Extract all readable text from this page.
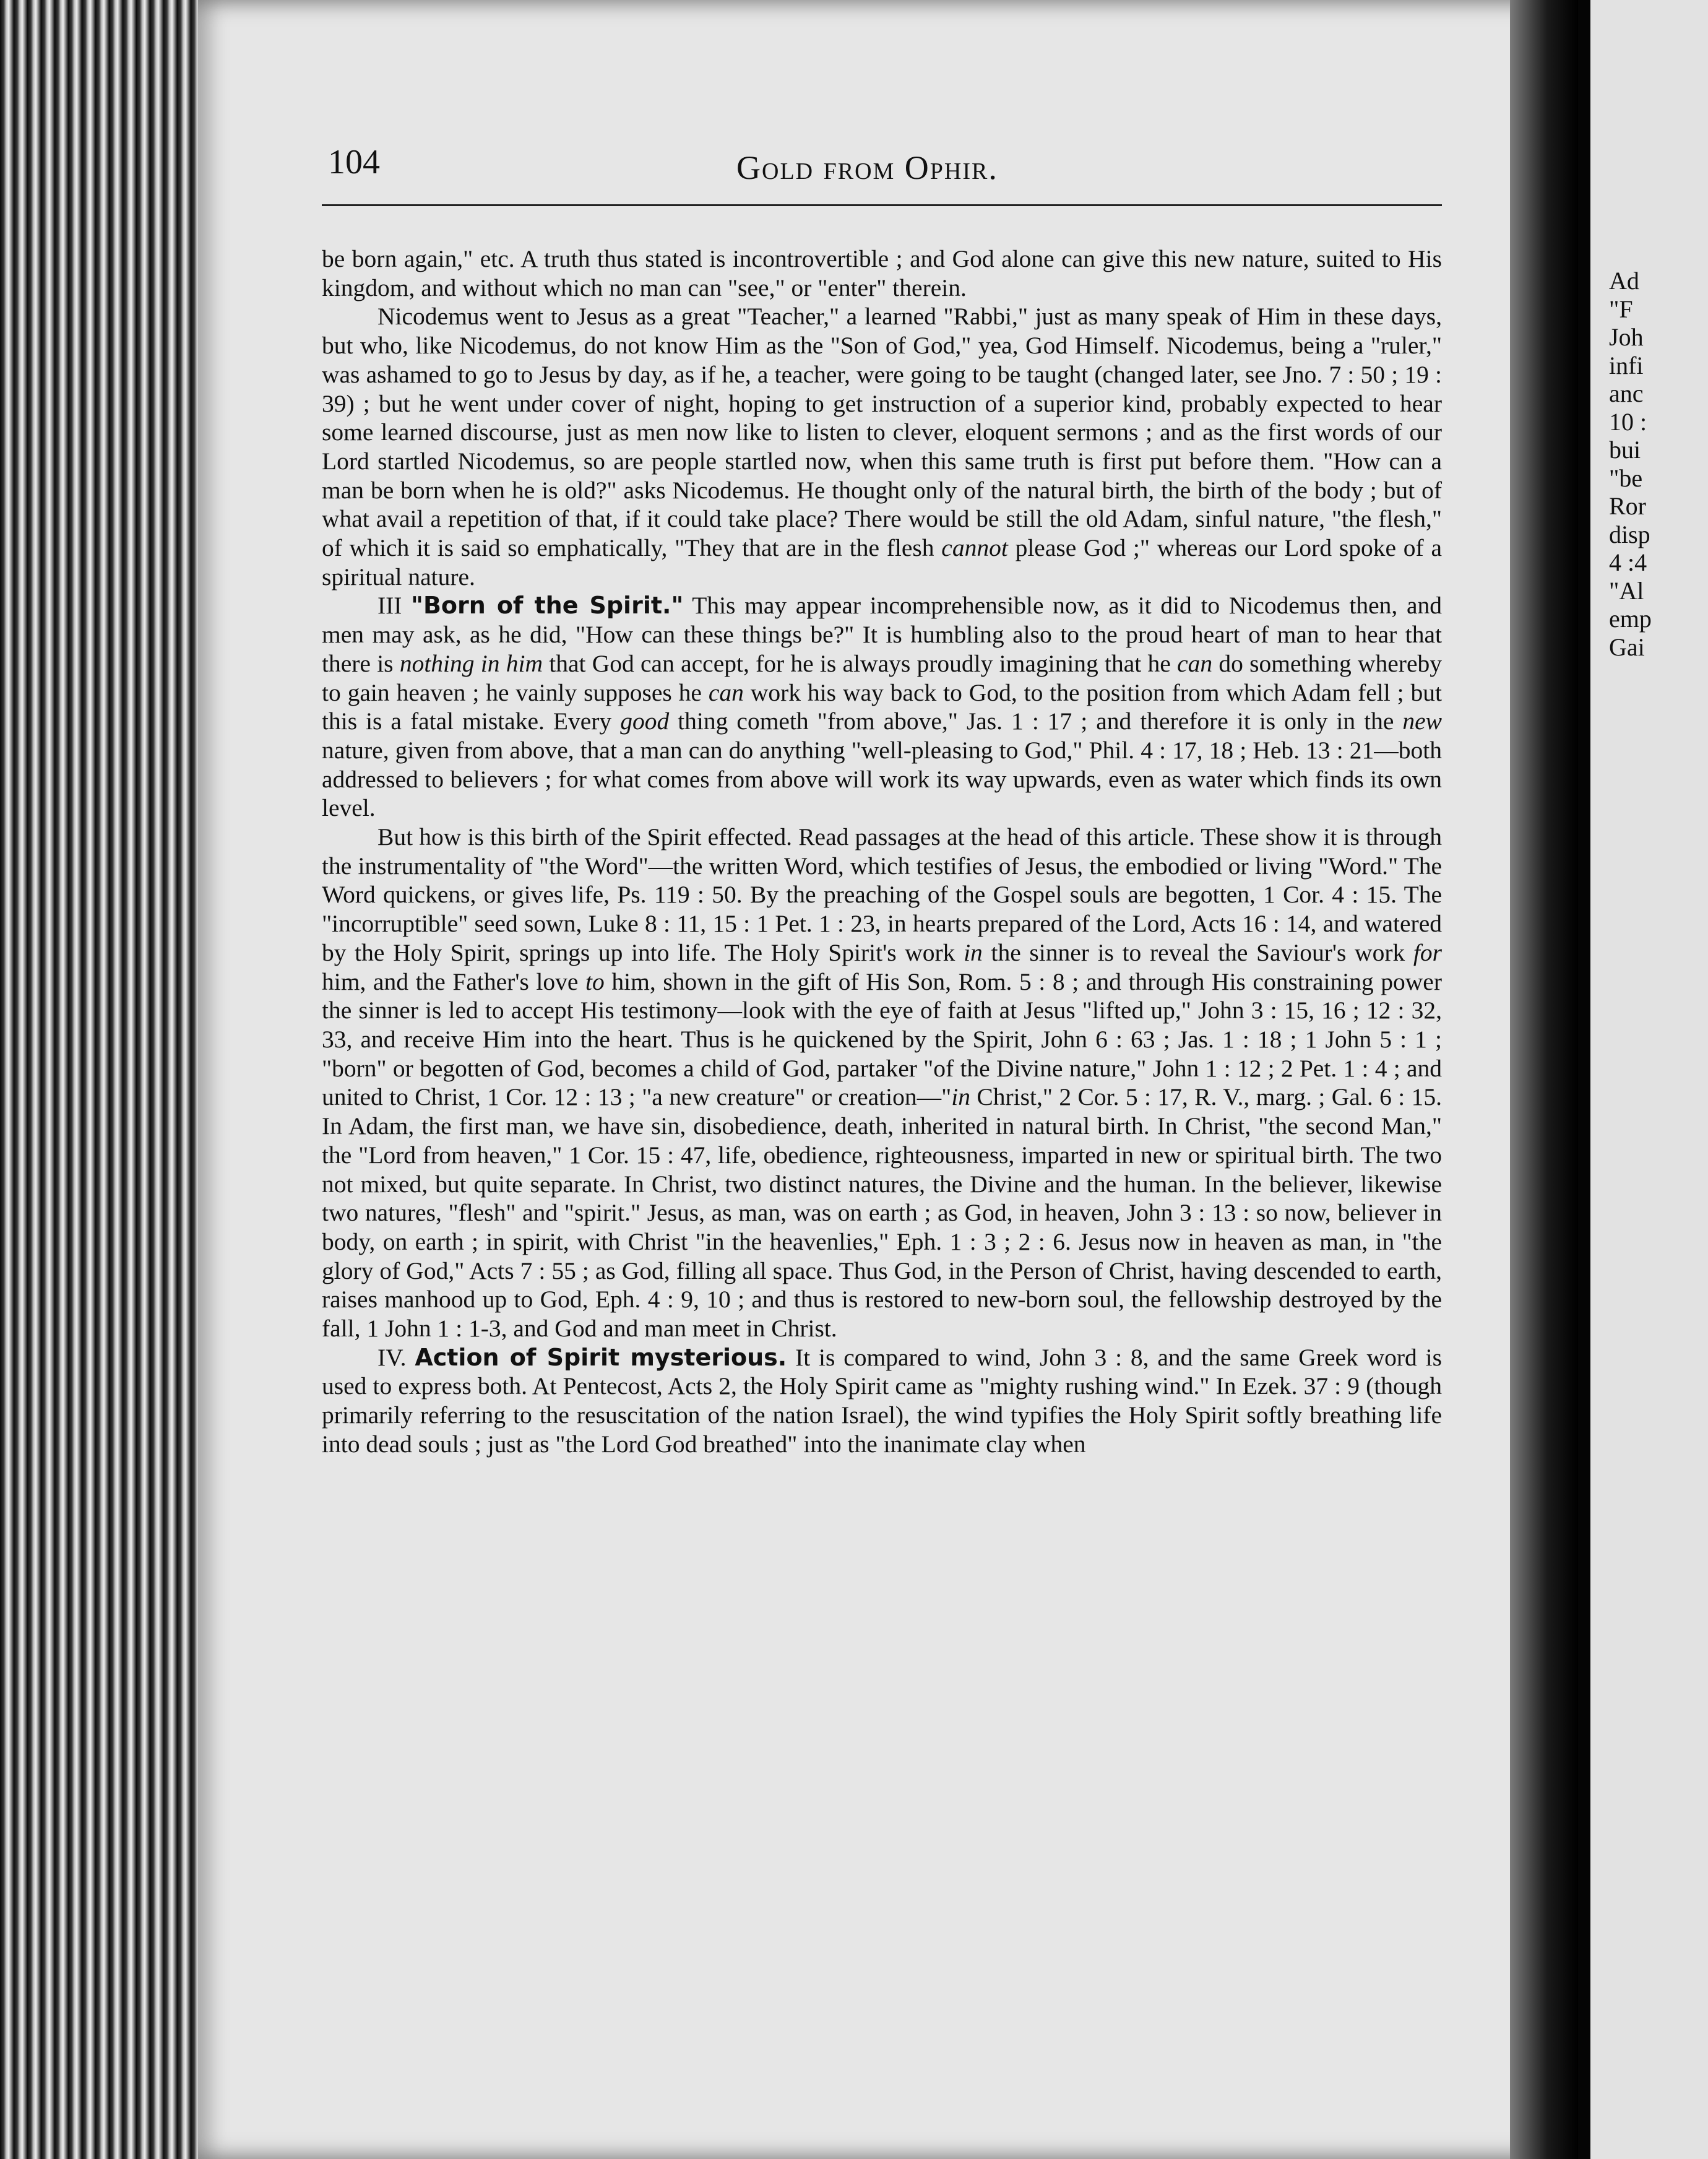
104	Gold from Ophir.

be born again," etc. A truth thus stated is incontrovertible ; and God alone can give this new nature, suited to His kingdom, and without which no man can "see," or "enter" therein.

Nicodemus went to Jesus as a great "Teacher," a learned "Rabbi," just as many speak of Him in these days, but who, like Nicodemus, do not know Him as the "Son of God," yea, God Himself. Nicodemus, being a "ruler," was ashamed to go to Jesus by day, as if he, a teacher, were going to be taught (changed later, see Jno. 7 : 50 ; 19 : 39) ; but he went under cover of night, hoping to get instruction of a superior kind, probably expected to hear some learned discourse, just as men now like to listen to clever, eloquent sermons ; and as the first words of our Lord startled Nicodemus, so are people startled now, when this same truth is first put before them. "How can a man be born when he is old?" asks Nicodemus. He thought only of the natural birth, the birth of the body ; but of what avail a repetition of that, if it could take place? There would be still the old Adam, sinful nature, "the flesh," of which it is said so emphatically, "They that are in the flesh cannot please God ;" whereas our Lord spoke of a spiritual nature.

III "Born of the Spirit." This may appear incomprehensible now, as it did to Nicodemus then, and men may ask, as he did, "How can these things be?" It is humbling also to the proud heart of man to hear that there is nothing in him that God can accept, for he is always proudly imagining that he can do something whereby to gain heaven ; he vainly supposes he can work his way back to God, to the position from which Adam fell ; but this is a fatal mistake. Every good thing cometh "from above," Jas. 1 : 17 ; and therefore it is only in the new nature, given from above, that a man can do anything "well-pleasing to God," Phil. 4 : 17, 18 ; Heb. 13 : 21—both addressed to believers ; for what comes from above will work its way upwards, even as water which finds its own level.

But how is this birth of the Spirit effected. Read passages at the head of this article. These show it is through the instrumentality of "the Word"—the written Word, which testifies of Jesus, the embodied or living "Word." The Word quickens, or gives life, Ps. 119 : 50. By the preaching of the Gospel souls are begotten, 1 Cor. 4 : 15. The "incorruptible" seed sown, Luke 8 : 11, 15 : 1 Pet. 1 : 23, in hearts prepared of the Lord, Acts 16 : 14, and watered by the Holy Spirit, springs up into life. The Holy Spirit's work in the sinner is to reveal the Saviour's work for him, and the Father's love to him, shown in the gift of His Son, Rom. 5 : 8 ; and through His constraining power the sinner is led to accept His testimony—look with the eye of faith at Jesus "lifted up," John 3 : 15, 16 ; 12 : 32, 33, and receive Him into the heart. Thus is he quickened by the Spirit, John 6 : 63 ; Jas. 1 : 18 ; 1 John 5 : 1 ; "born" or begotten of God, becomes a child of God, partaker "of the Divine nature," John 1 : 12 ; 2 Pet. 1 : 4 ; and united to Christ, 1 Cor. 12 : 13 ; "a new creature" or creation—"in Christ," 2 Cor. 5 : 17, R. V., marg. ; Gal. 6 : 15. In Adam, the first man, we have sin, disobedience, death, inherited in natural birth. In Christ, "the second Man," the "Lord from heaven," 1 Cor. 15 : 47, life, obedience, righteousness, imparted in new or spiritual birth. The two not mixed, but quite separate. In Christ, two distinct natures, the Divine and the human. In the believer, likewise two natures, "flesh" and "spirit." Jesus, as man, was on earth ; as God, in heaven, John 3 : 13 : so now, believer in body, on earth ; in spirit, with Christ "in the heavenlies," Eph. 1 : 3 ; 2 : 6. Jesus now in heaven as man, in "the glory of God," Acts 7 : 55 ; as God, filling all space. Thus God, in the Person of Christ, having descended to earth, raises manhood up to God, Eph. 4 : 9, 10 ; and thus is restored to new-born soul, the fellowship destroyed by the fall, 1 John 1 : 1-3, and God and man meet in Christ.

IV. Action of Spirit mysterious. It is compared to wind, John 3 : 8, and the same Greek word is used to express both. At Pentecost, Acts 2, the Holy Spirit came as "mighty rushing wind." In Ezek. 37 : 9 (though primarily referring to the resuscitation of the nation Israel), the wind typifies the Holy Spirit softly breathing life into dead souls ; just as "the Lord God breathed" into the inanimate clay when

Ad
"F
Joh
infi
anc
10 :
bui
"be
Ror
disp
4 :4
"Al
emp
Gai
